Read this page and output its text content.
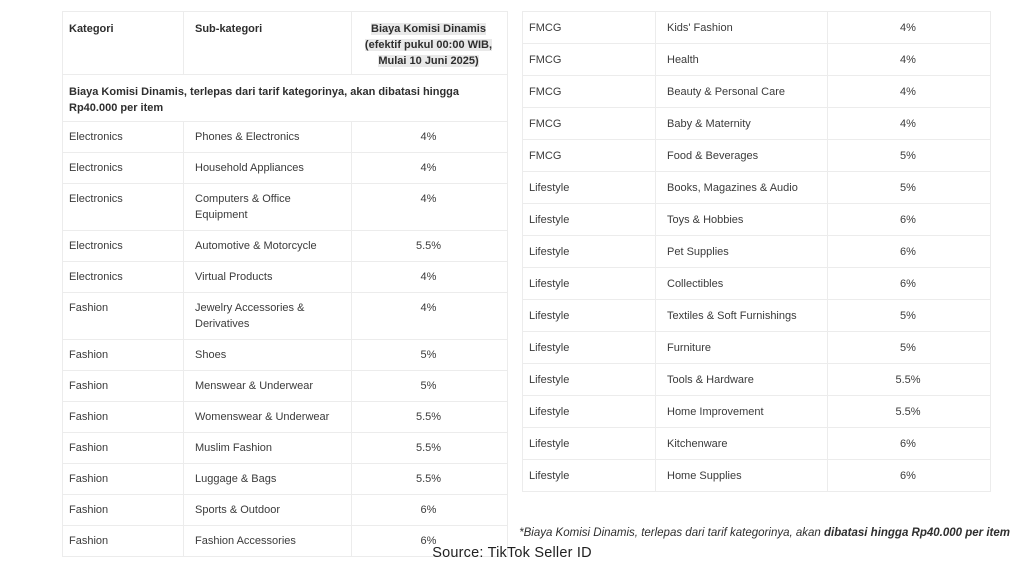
Kategori	Sub-kategori	Biaya Komisi Dinamis
(efektif pukul 00:00 WIB,
Mulai 10 Juni 2025)

Biaya Komisi Dinamis, terlepas dari tarif kategorinya, akan dibatasi hingga Rp40.000 per item		
Electronics	Phones & Electronics	4%
Electronics	Household Appliances	4%
Electronics	Computers & Office Equipment	4%
Electronics	Automotive & Motorcycle	5.5%
Electronics	Virtual Products	4%
Fashion	Jewelry Accessories & Derivatives	4%
Fashion	Shoes	5%
Fashion	Menswear & Underwear	5%
Fashion	Womenswear & Underwear	5.5%
Fashion	Muslim Fashion	5.5%
Fashion	Luggage & Bags	5.5%
Fashion	Sports & Outdoor	6%
Fashion	Fashion Accessories	6%
FMCG	Kids' Fashion	4%
FMCG	Health	4%
FMCG	Beauty & Personal Care	4%
FMCG	Baby & Maternity	4%
FMCG	Food & Beverages	5%
Lifestyle	Books, Magazines & Audio	5%
Lifestyle	Toys & Hobbies	6%
Lifestyle	Pet Supplies	6%
Lifestyle	Collectibles	6%
Lifestyle	Textiles & Soft Furnishings	5%
Lifestyle	Furniture	5%
Lifestyle	Tools & Hardware	5.5%
Lifestyle	Home Improvement	5.5%
Lifestyle	Kitchenware	6%
Lifestyle	Home Supplies	6%

*Biaya Komisi Dinamis, terlepas dari tarif kategorinya, akan dibatasi hingga Rp40.000 per item

Source: TikTok Seller ID
